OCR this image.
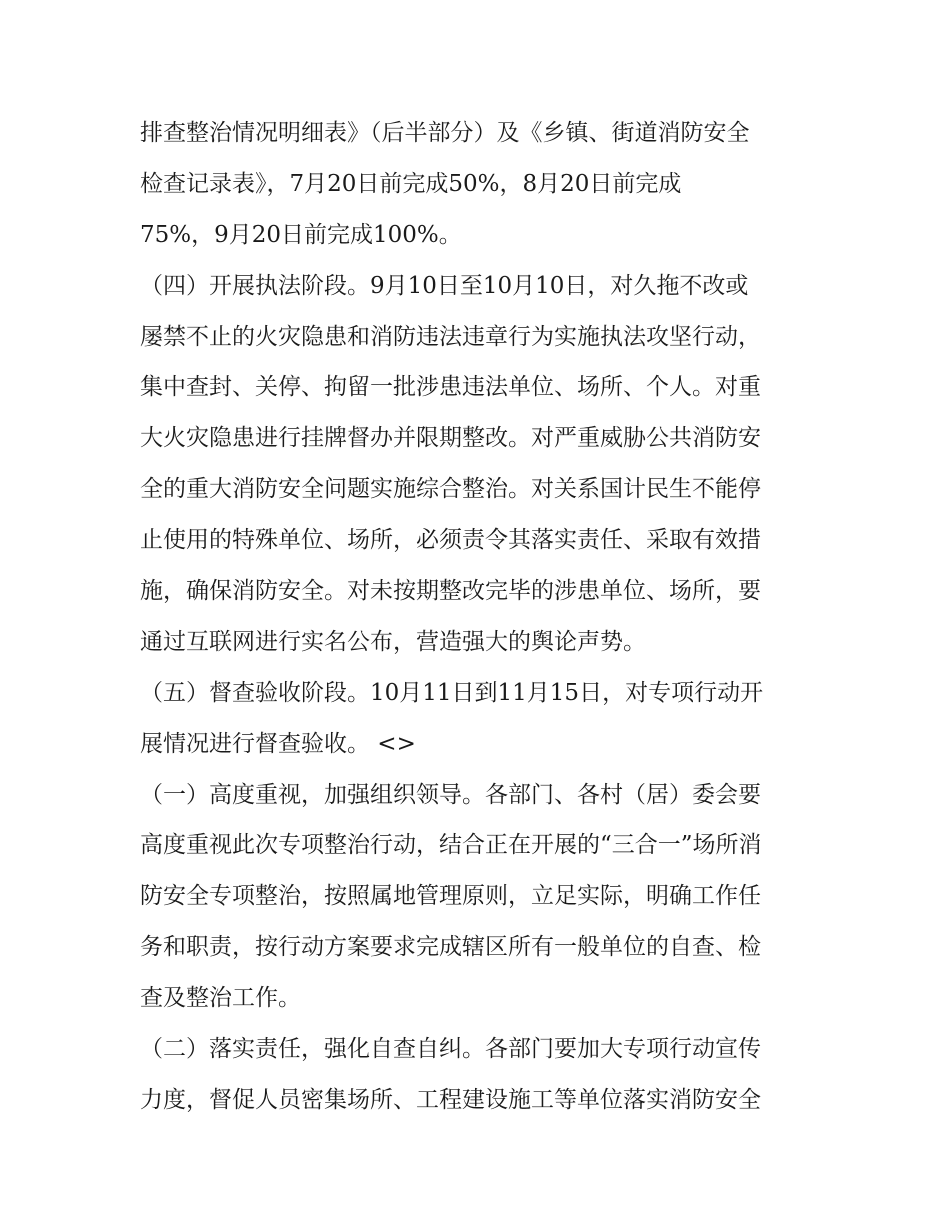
排查整治情况明细表》（后半部分）及《乡镇、街道消防安全
检查记录表》，7月20日前完成50%，8月20日前完成
75%，9月20日前完成100%。
（四）开展执法阶段。9月10日至10月10日，对久拖不改或
屡禁不止的火灾隐患和消防违法违章行为实施执法攻坚行动，
集中查封、关停、拘留一批涉患违法单位、场所、个人。对重
大火灾隐患进行挂牌督办并限期整改。对严重威胁公共消防安
全的重大消防安全问题实施综合整治。对关系国计民生不能停
止使用的特殊单位、场所，必须责令其落实责任、采取有效措
施，确保消防安全。对未按期整改完毕的涉患单位、场所，要
通过互联网进行实名公布，营造强大的舆论声势。
（五）督查验收阶段。10月11日到11月15日，对专项行动开
展情况进行督查验收。 <>
（一）高度重视，加强组织领导。各部门、各村（居）委会要
高度重视此次专项整治行动，结合正在开展的“三合一”场所消
防安全专项整治，按照属地管理原则，立足实际，明确工作任
务和职责，按行动方案要求完成辖区所有一般单位的自查、检
查及整治工作。
（二）落实责任，强化自查自纠。各部门要加大专项行动宣传
力度，督促人员密集场所、工程建设施工等单位落实消防安全
